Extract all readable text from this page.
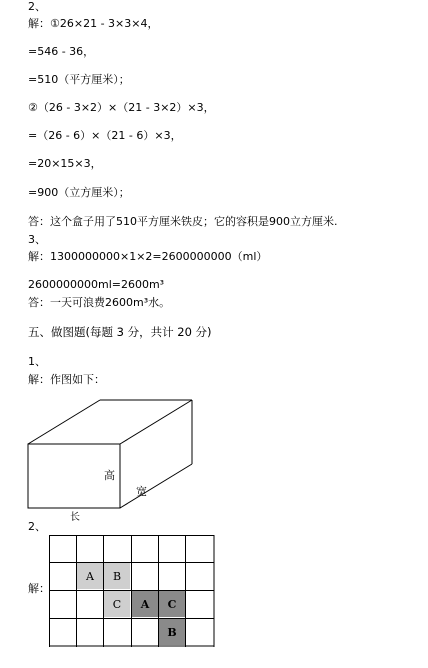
2、
解：①26×21 - 3×3×4，
=546 - 36，
=510（平方厘米）；
②（26 - 3×2）×（21 - 3×2）×3，
=（26 - 6）×（21 - 6）×3，
=20×15×3，
=900（立方厘米）；
答：这个盒子用了510平方厘米铁皮；它的容积是900立方厘米.
3、
解：1300000000×1×2=2600000000（ml）
2600000000ml=2600m³
答：一天可浪费2600m³水。
五、做图题(每题 3 分，共计 20 分)
1、
解：作图如下：
高
宽
长
2、
解：
A B
C A C
B
